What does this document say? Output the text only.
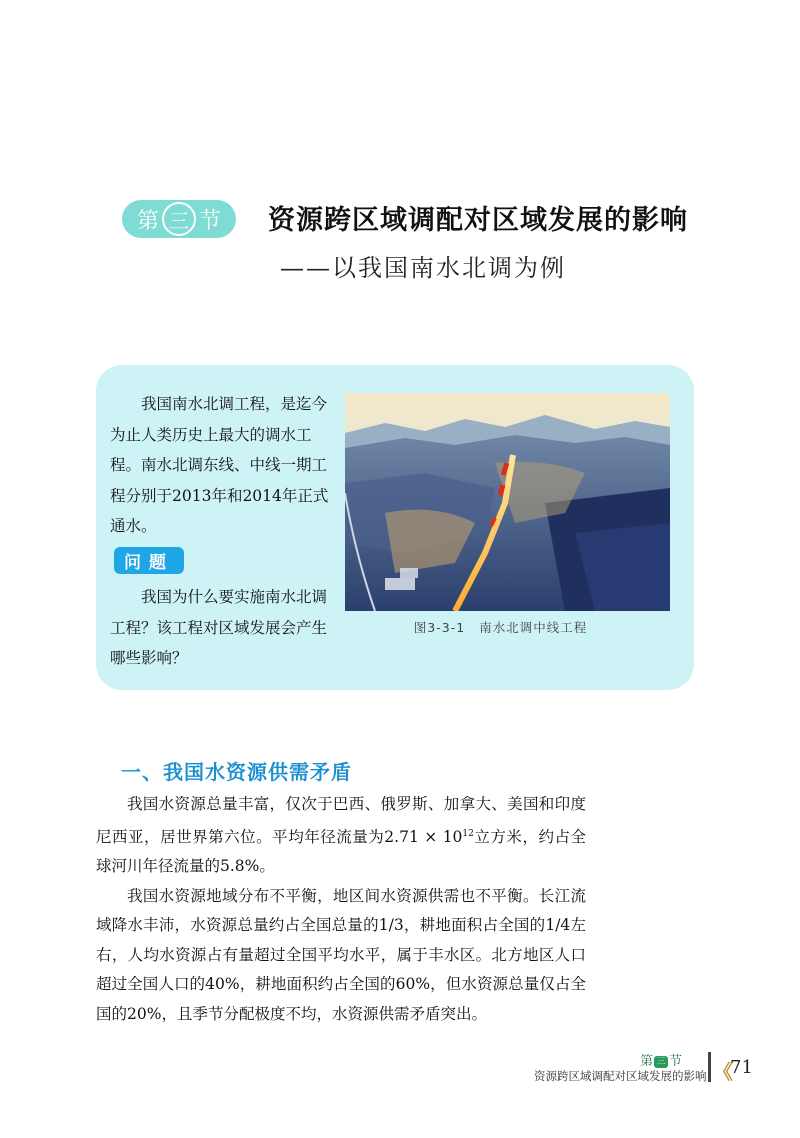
第 三 节 资源跨区域调配对区域发展的影响
——以我国南水北调为例

我国南水北调工程，是迄今为止人类历史上最大的调水工程。南水北调东线、中线一期工程分别于2013年和2014年正式通水。

问题

我国为什么要实施南水北调工程？该工程对区域发展会产生哪些影响？

图3-3-1 南水北调中线工程
一、我国水资源供需矛盾

我国水资源总量丰富，仅次于巴西、俄罗斯、加拿大、美国和印度尼西亚，居世界第六位。平均年径流量为$2.71 \times 10^{12}$立方米，约占全球河川年径流量的5.8%。

我国水资源地域分布不平衡，地区间水资源供需也不平衡。长江流域降水丰沛，水资源总量约占全国总量的1/3，耕地面积占全国的1/4左右，人均水资源占有量超过全国平均水平，属于丰水区。北方地区人口超过全国人口的40%，耕地面积约占全国的60%，但水资源总量仅占全国的20%，且季节分配极度不均，水资源供需矛盾突出。

第 三 节
资源跨区域调配对区域发展的影响 《
71
